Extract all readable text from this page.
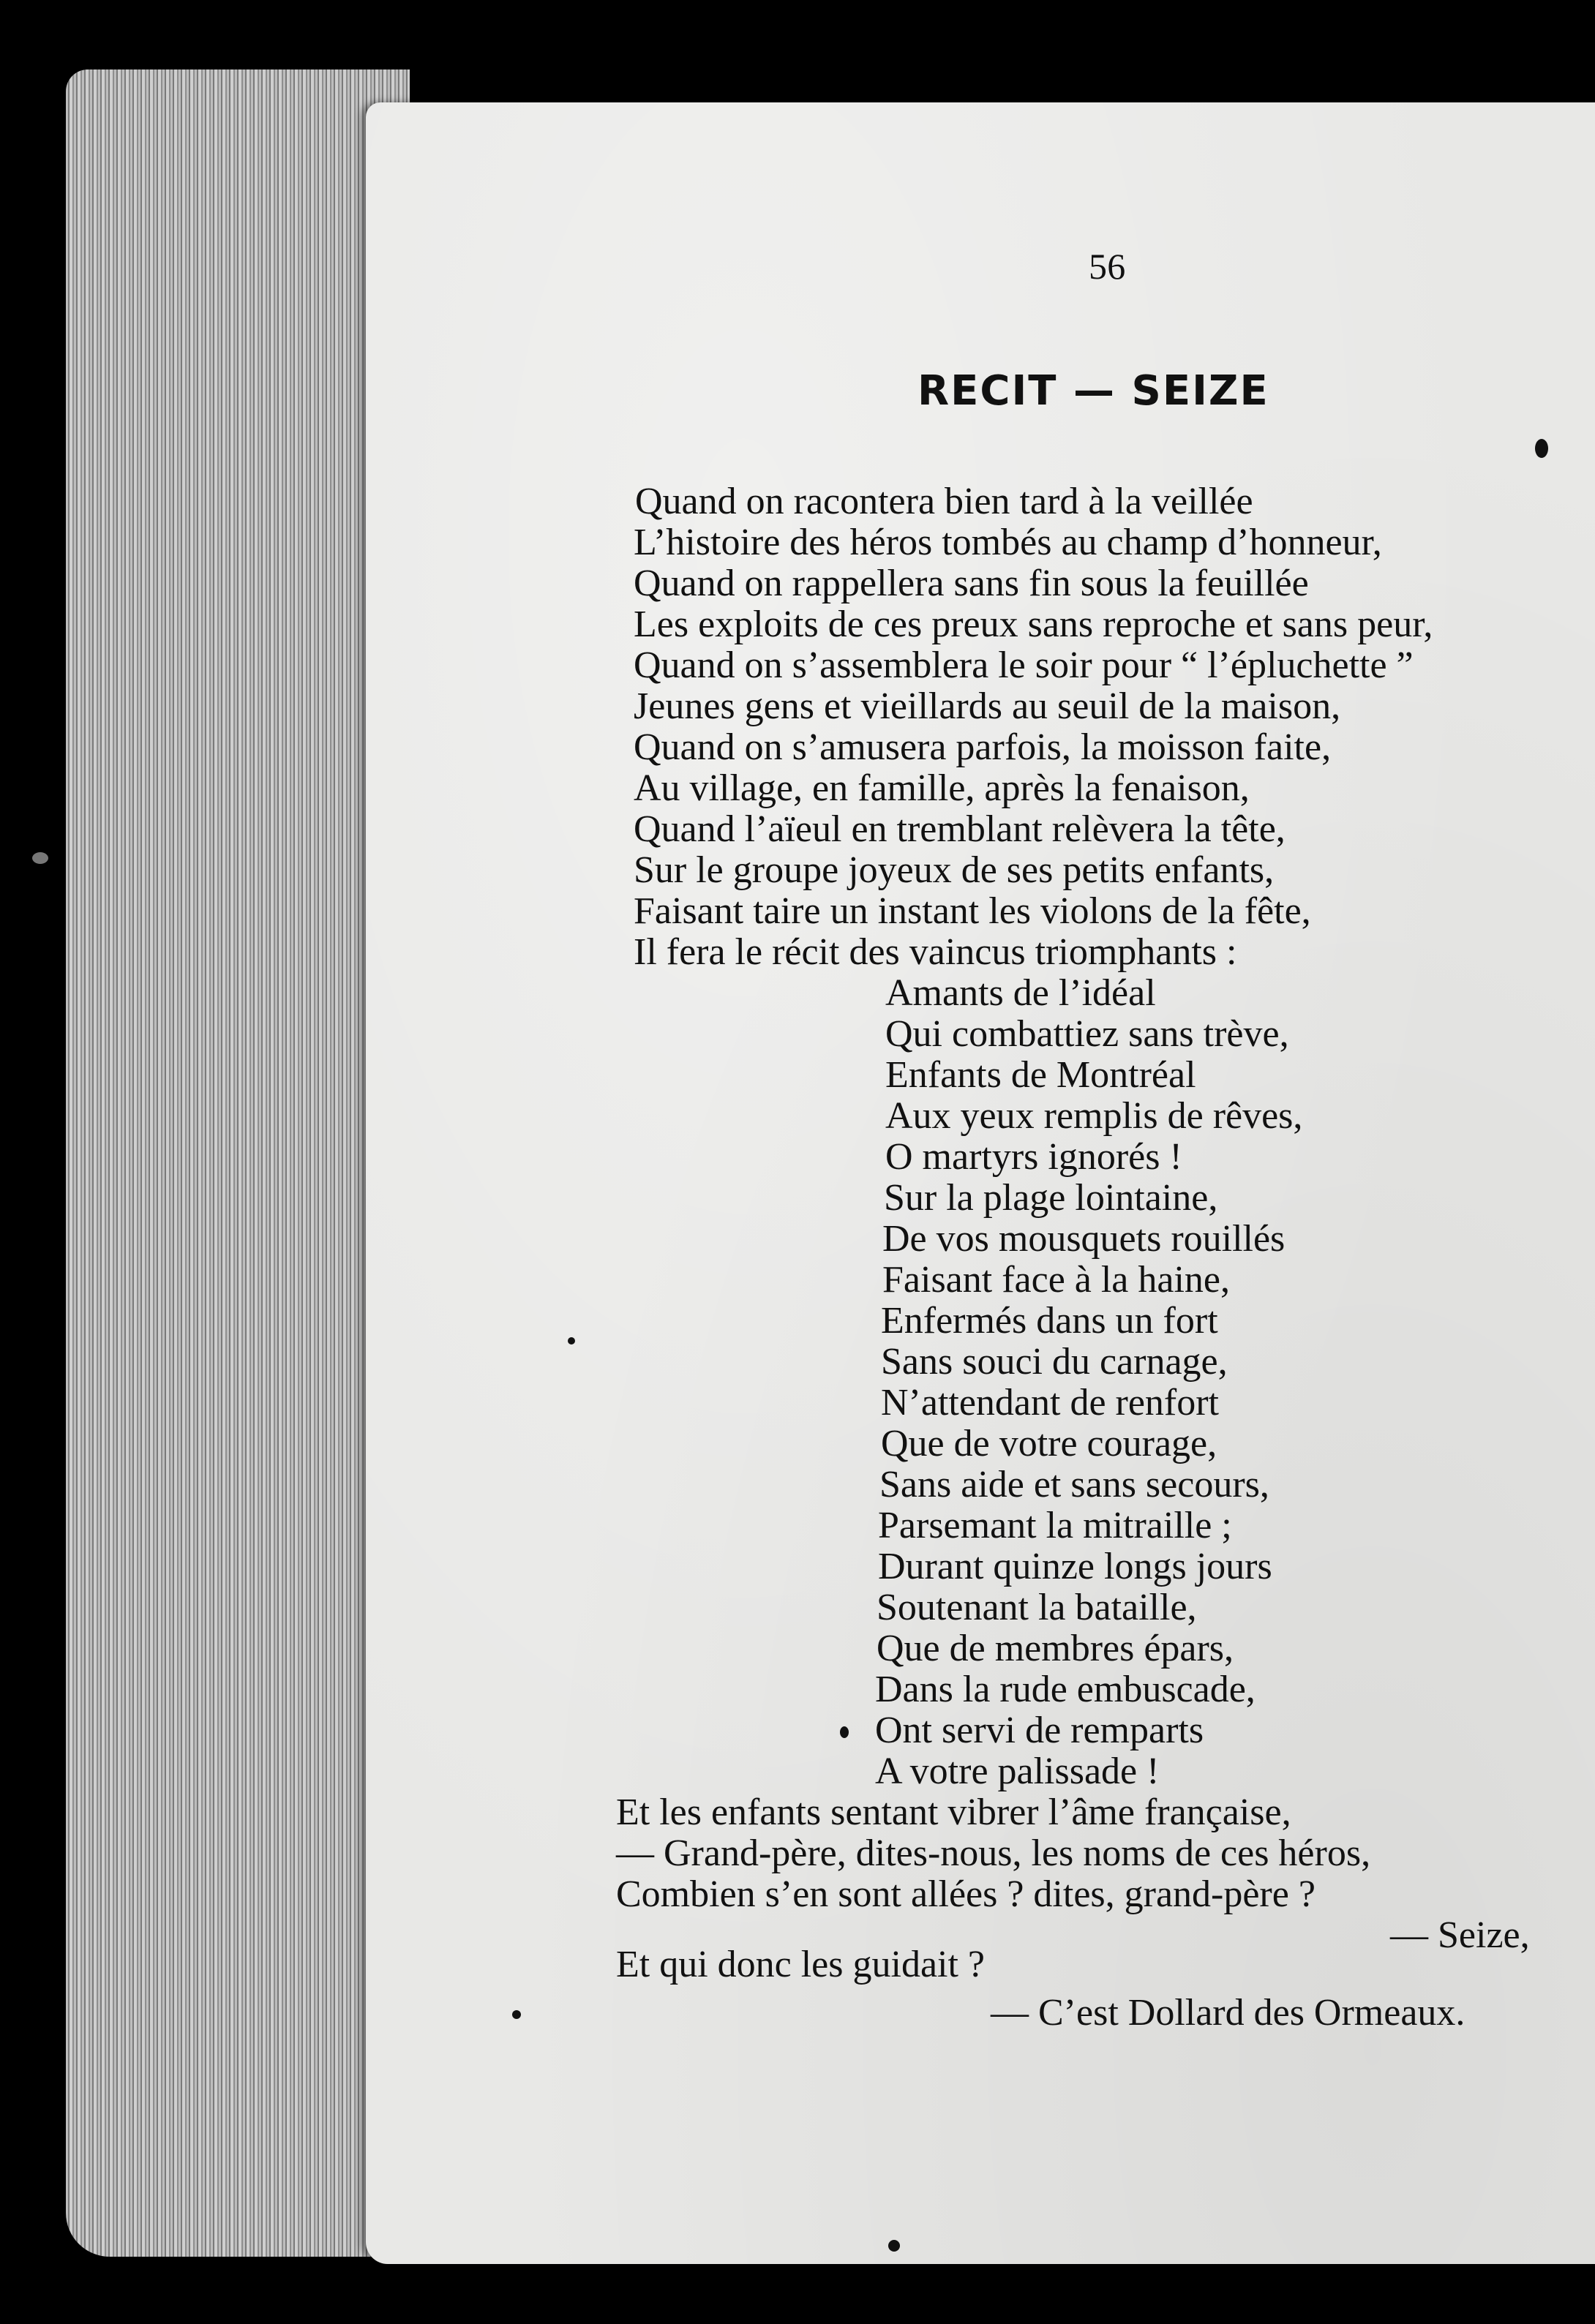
56
RECIT — SEIZE
Quand on racontera bien tard à la veillée
L’histoire des héros tombés au champ d’honneur,
Quand on rappellera sans fin sous la feuillée
Les exploits de ces preux sans reproche et sans peur,
Quand on s’assemblera le soir pour “ l’épluchette ”
Jeunes gens et vieillards au seuil de la maison,
Quand on s’amusera parfois, la moisson faite,
Au village, en famille, après la fenaison,
Quand l’aïeul en tremblant relèvera la tête,
Sur le groupe joyeux de ses petits enfants,
Faisant taire un instant les violons de la fête,
Il fera le récit des vaincus triomphants :
Amants de l’idéal
Qui combattiez sans trève,
Enfants de Montréal
Aux yeux remplis de rêves,
O martyrs ignorés !
Sur la plage lointaine,
De vos mousquets rouillés
Faisant face à la haine,
Enfermés dans un fort
Sans souci du carnage,
N’attendant de renfort
Que de votre courage,
Sans aide et sans secours,
Parsemant la mitraille ;
Durant quinze longs jours
Soutenant la bataille,
Que de membres épars,
Dans la rude embuscade,
Ont servi de remparts
A votre palissade !
Et les enfants sentant vibrer l’âme française,
— Grand-père, dites-nous, les noms de ces héros,
Combien s’en sont allées ? dites, grand-père ?
— Seize,
Et qui donc les guidait ?
— C’est Dollard des Ormeaux.
